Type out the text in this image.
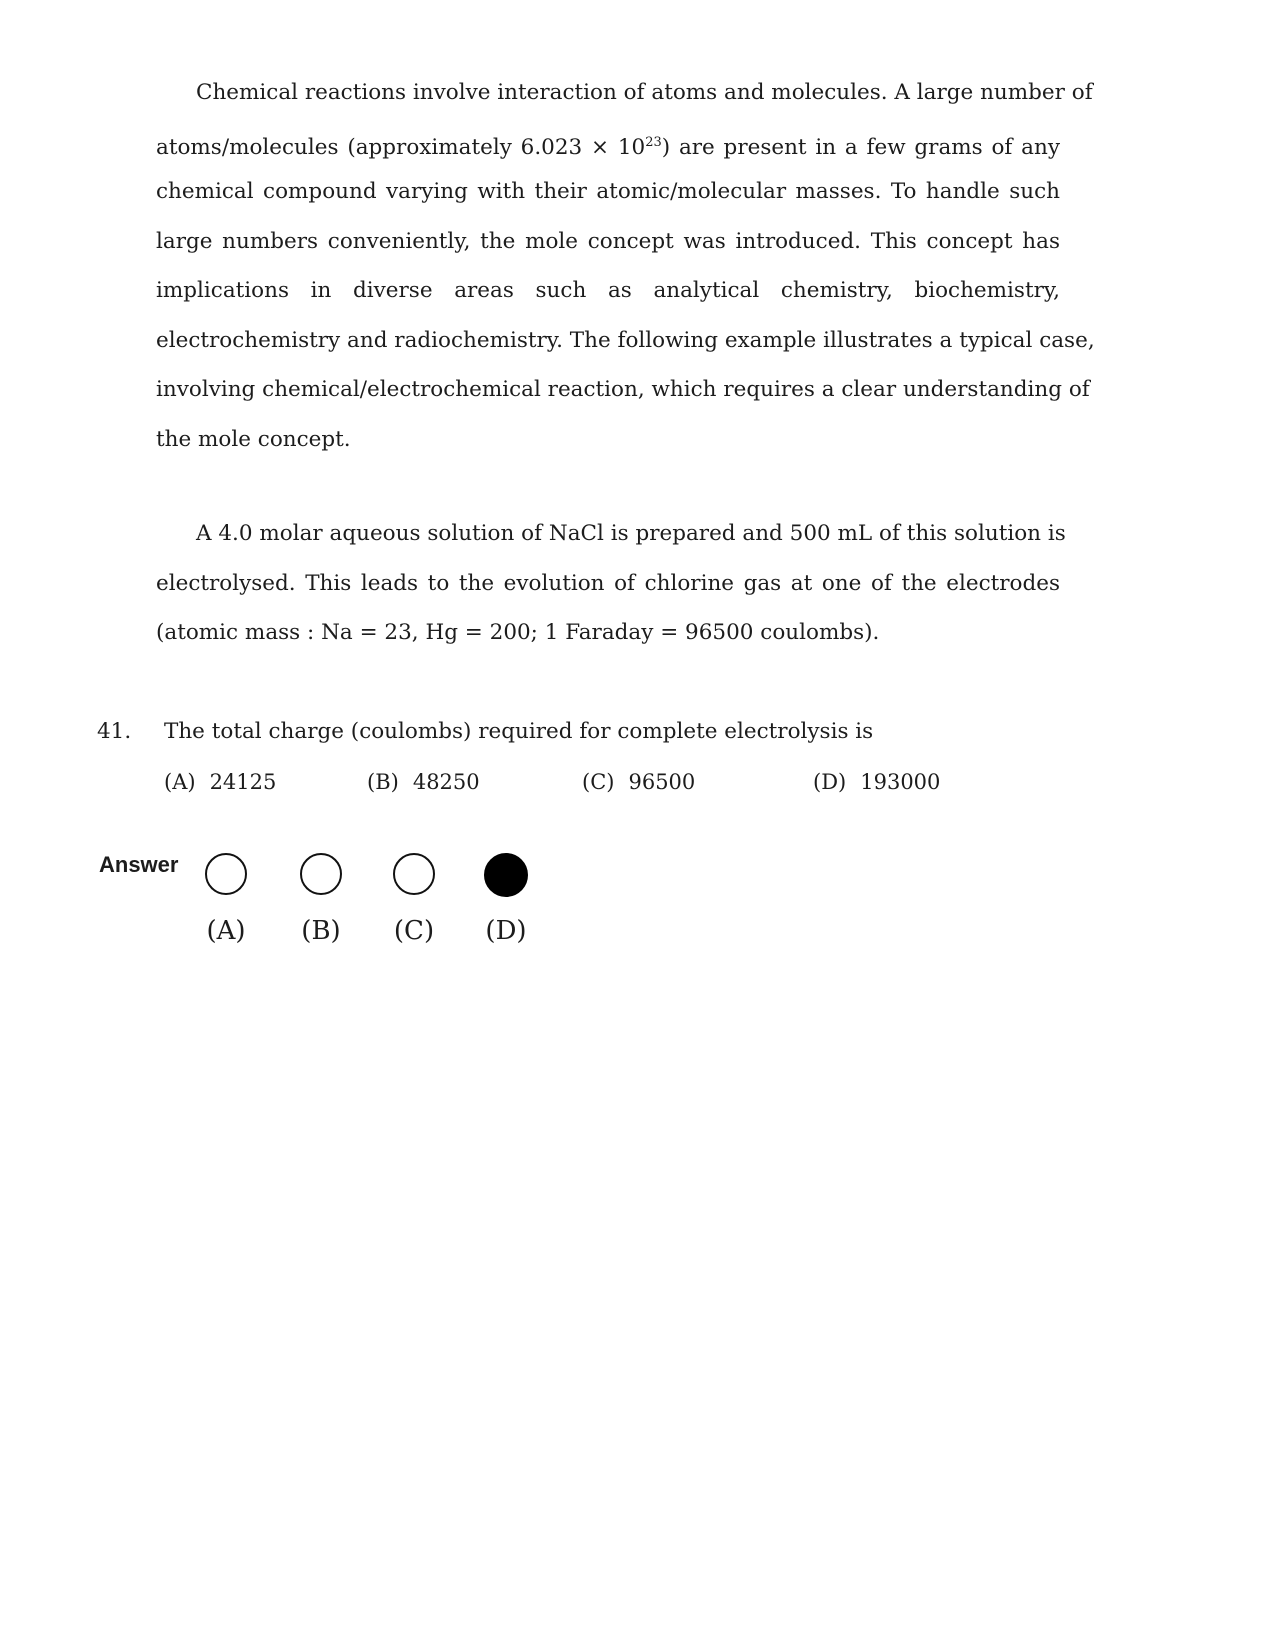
Chemical reactions involve interaction of atoms and molecules. A large number of
atoms/molecules (approximately $6.023 \times 10^{23}$) are present in a few grams of any
chemical compound varying with their atomic/molecular masses. To handle such
large numbers conveniently, the mole concept was introduced. This concept has
implications in diverse areas such as analytical chemistry, biochemistry,
electrochemistry and radiochemistry. The following example illustrates a typical case,
involving chemical/electrochemical reaction, which requires a clear understanding of
the mole concept.
A 4.0 molar aqueous solution of NaCl is prepared and 500 mL of this solution is
electrolysed. This leads to the evolution of chlorine gas at one of the electrodes
(atomic mass : Na = 23, Hg = 200; 1 Faraday = 96500 coulombs).
41. The total charge (coulombs) required for complete electrolysis is
(A) 24125	(B) 48250	(C) 96500	(D) 193000
Answer
(A)	(B)	(C)	(D)
